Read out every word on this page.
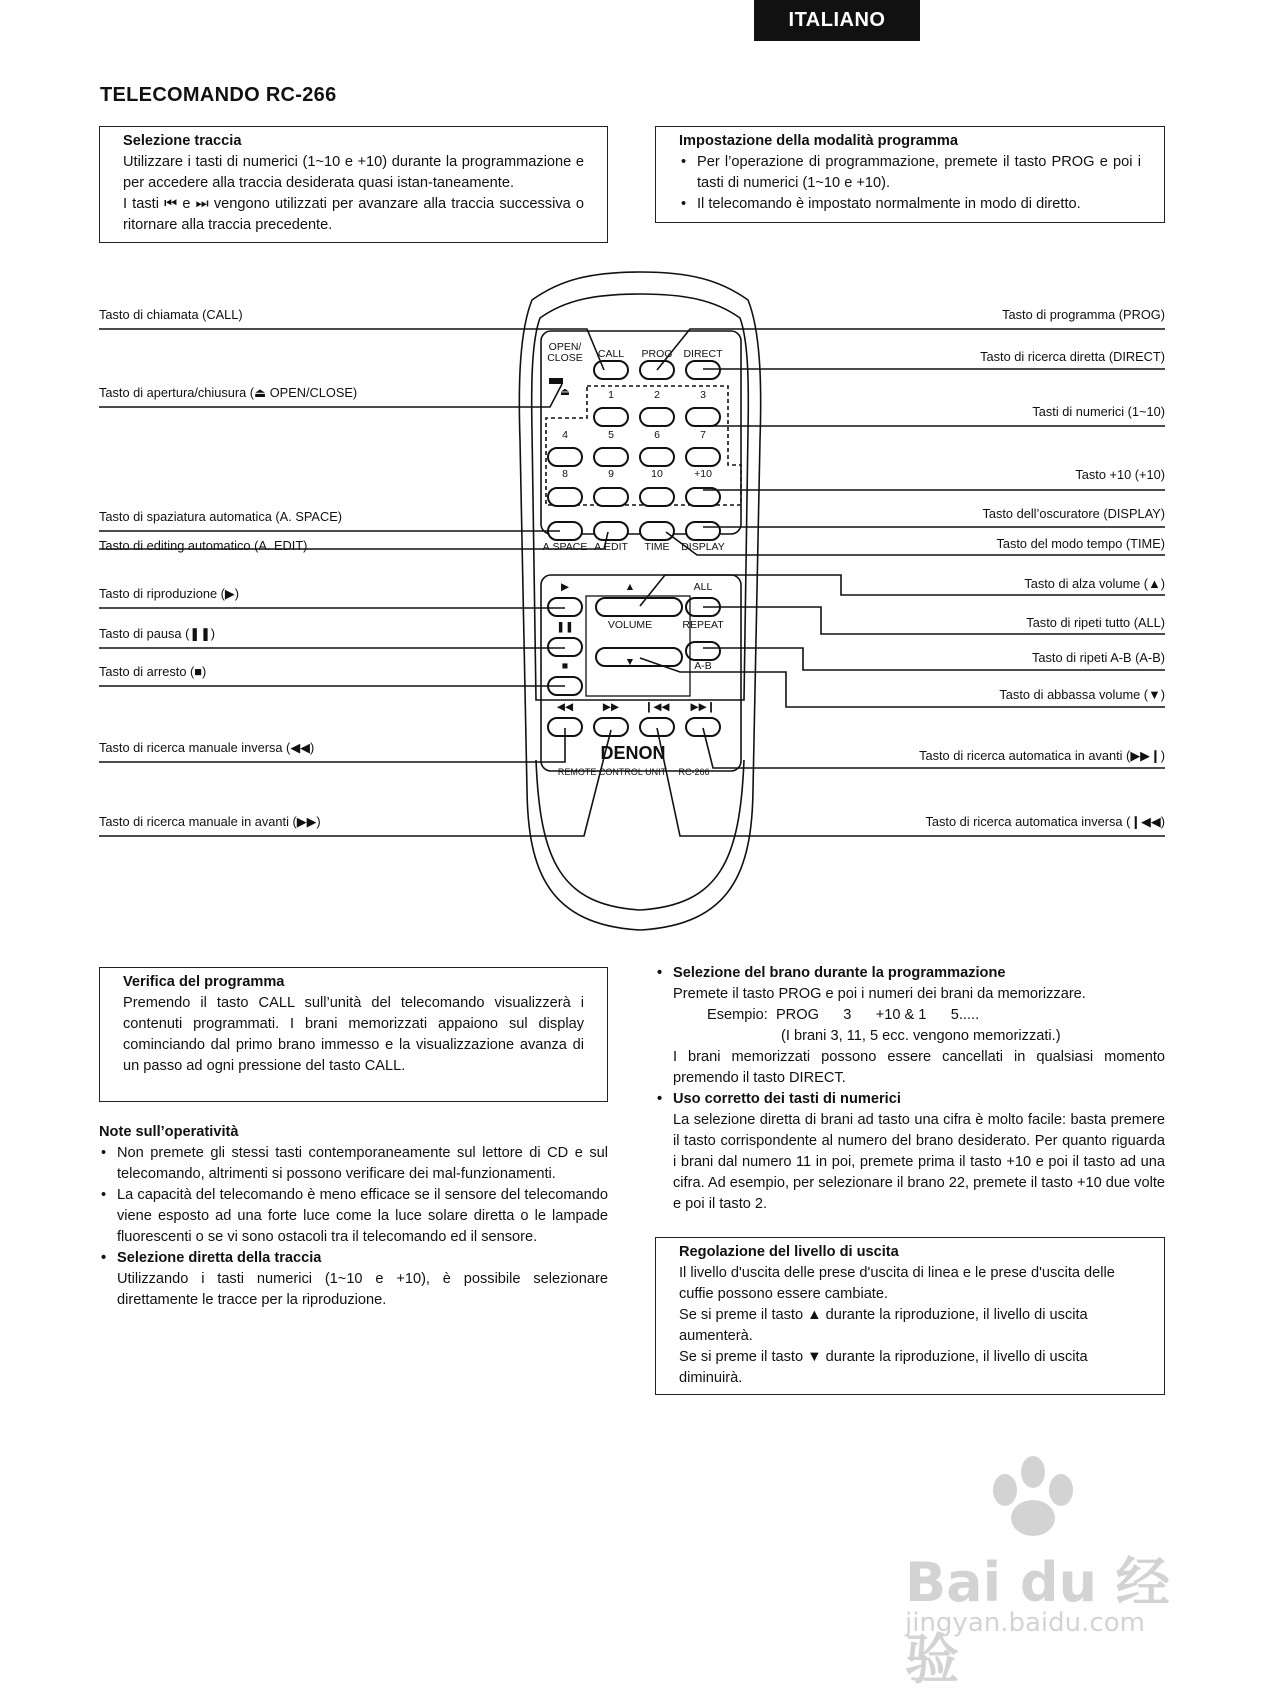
ITALIANO
TELECOMANDO RC-266

Selezione traccia

Utilizzare i tasti di numerici (1~10 e +10) durante la programmazione e per accedere alla traccia desiderata quasi istan-taneamente.

I tasti ⏮ e ⏭ vengono utilizzati per avanzare alla traccia successiva o ritornare alla traccia precedente.

Impostazione della modalità programma

• Per l’operazione di programmazione, premete il tasto PROG e poi i tasti di numerici (1~10 e +10).

• Il telecomando è impostato normalmente in modo di diretto.

OPEN/
CLOSE CALL PROG DIRECT
⏏	1	2	3
4	5	6	7
8	9	10	+10
A.SPACE A.EDIT TIME DISPLAY
▶
❚❚
■
▲
VOLUME
▼
ALL
REPEAT
A-B
◀◀	▶▶ ❙◀◀ ▶▶❙
DENON
REMOTE CONTROL UNIT RC-266
Tasto di chiamata (CALL)
Tasto di apertura/chiusura (⏏ OPEN/CLOSE)
Tasto di spaziatura automatica (A. SPACE)
Tasto di editing automatico (A. EDIT)
Tasto di riproduzione (▶)
Tasto di pausa (❚❚)
Tasto di arresto (■)
Tasto di ricerca manuale inversa (◀◀)
Tasto di ricerca manuale in avanti (▶▶)
Tasto di programma (PROG)
Tasto di ricerca diretta (DIRECT)
Tasti di numerici (1~10)
Tasto +10 (+10)
Tasto dell’oscuratore (DISPLAY)
Tasto del modo tempo (TIME)
Tasto di alza volume (▲)
Tasto di ripeti tutto (ALL)
Tasto di ripeti A-B (A-B)
Tasto di abbassa volume (▼)
Tasto di ricerca automatica in avanti (▶▶❙)
Tasto di ricerca automatica inversa (❙◀◀)

Verifica del programma

Premendo il tasto CALL sull’unità del telecomando visualizzerà i contenuti programmati. I brani memorizzati appaiono sul display cominciando dal primo brano immesso e la visualizzazione avanza di un passo ad ogni pressione del tasto CALL.

Note sull’operatività

• Non premete gli stessi tasti contemporaneamente sul lettore di CD e sul telecomando, altrimenti si possono verificare dei mal-funzionamenti.

• La capacità del telecomando è meno efficace se il sensore del telecomando viene esposto ad una forte luce come la luce solare diretta o le lampade fluorescenti o se vi sono ostacoli tra il telecomando ed il sensore.

• Selezione diretta della traccia

Utilizzando i tasti numerici (1~10 e +10), è possibile selezionare direttamente le tracce per la riproduzione.

• Selezione del brano durante la programmazione

Premete il tasto PROG e poi i numeri dei brani da memorizzare.

Esempio:  PROG      3      +10 & 1      5.....

(I brani 3, 11, 5 ecc. vengono memorizzati.)

I brani memorizzati possono essere cancellati in qualsiasi momento premendo il tasto DIRECT.

• Uso corretto dei tasti di numerici

La selezione diretta di brani ad tasto una cifra è molto facile: basta premere il tasto corrispondente al numero del brano desiderato. Per quanto riguarda i brani dal numero 11 in poi, premete prima il tasto +10 e poi il tasto ad una cifra. Ad esempio, per selezionare il brano 22, premete il tasto +10 due volte e poi il tasto 2.

Regolazione del livello di uscita

Il livello d'uscita delle prese d'uscita di linea e le prese d'uscita delle cuffie possono essere cambiate.

Se si preme il tasto ▲ durante la riproduzione, il livello di uscita aumenterà.

Se si preme il tasto ▼ durante la riproduzione, il livello di uscita diminuirà.

Bai du 经验
jingyan.baidu.com
